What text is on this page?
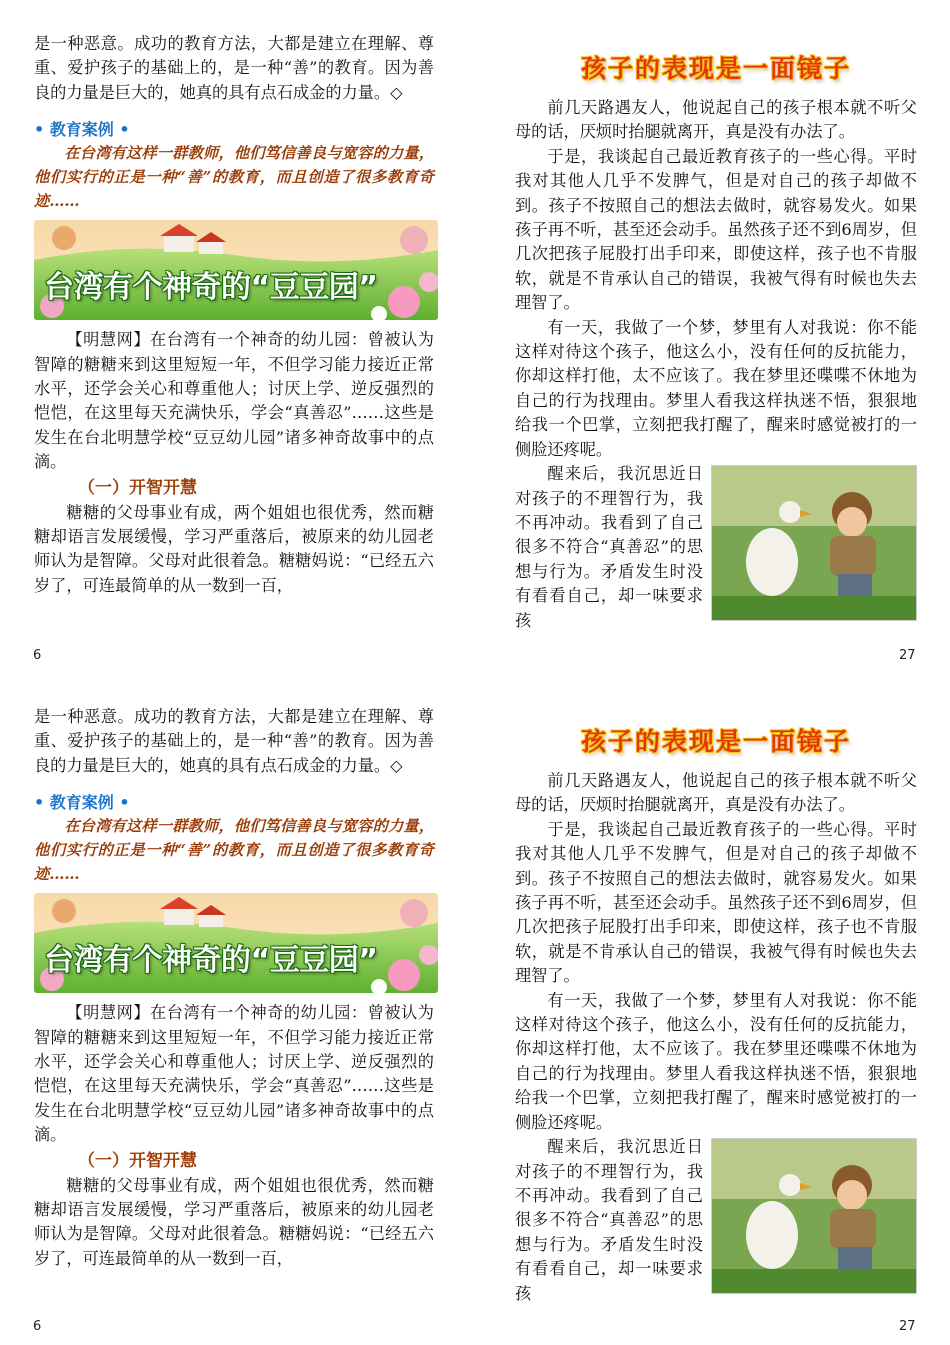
是一种恶意。成功的教育方法，大都是建立在理解、尊重、爱护孩子的基础上的，是一种“善”的教育。因为善良的力量是巨大的，她真的具有点石成金的力量。◇

• 教育案例 •
在台湾有这样一群教师，他们笃信善良与宽容的力量，他们实行的正是一种“善”的教育，而且创造了很多教育奇迹……
台湾有个神奇的“豆豆园”

【明慧网】在台湾有一个神奇的幼儿园：曾被认为智障的糖糖来到这里短短一年，不但学习能力接近正常水平，还学会关心和尊重他人；讨厌上学、逆反强烈的恺恺，在这里每天充满快乐，学会“真善忍”……这些是发生在台北明慧学校“豆豆幼儿园”诸多神奇故事中的点滴。

（一）开智开慧

糖糖的父母事业有成，两个姐姐也很优秀，然而糖糖却语言发展缓慢，学习严重落后，被原来的幼儿园老师认为是智障。父母对此很着急。糖糖妈说：“已经五六岁了，可连最简单的从一数到一百，

孩子的表现是一面镜子

前几天路遇友人，他说起自己的孩子根本就不听父母的话，厌烦时抬腿就离开，真是没有办法了。

于是，我谈起自己最近教育孩子的一些心得。平时我对其他人几乎不发脾气，但是对自己的孩子却做不到。孩子不按照自己的想法去做时，就容易发火。如果孩子再不听，甚至还会动手。虽然孩子还不到6周岁，但几次把孩子屁股打出手印来，即使这样，孩子也不肯服软，就是不肯承认自己的错误，我被气得有时候也失去理智了。

有一天，我做了一个梦，梦里有人对我说：你不能这样对待这个孩子，他这么小，没有任何的反抗能力，你却这样打他，太不应该了。我在梦里还喋喋不休地为自己的行为找理由。梦里人看我这样执迷不悟，狠狠地给我一个巴掌，立刻把我打醒了，醒来时感觉被打的一侧脸还疼呢。

醒来后，我沉思近日对孩子的不理智行为，我不再冲动。我看到了自己很多不符合“真善忍”的思想与行为。矛盾发生时没有看看自己，却一味要求孩

6	27

是一种恶意。成功的教育方法，大都是建立在理解、尊重、爱护孩子的基础上的，是一种“善”的教育。因为善良的力量是巨大的，她真的具有点石成金的力量。◇

• 教育案例 •
在台湾有这样一群教师，他们笃信善良与宽容的力量，他们实行的正是一种“善”的教育，而且创造了很多教育奇迹……
台湾有个神奇的“豆豆园”

【明慧网】在台湾有一个神奇的幼儿园：曾被认为智障的糖糖来到这里短短一年，不但学习能力接近正常水平，还学会关心和尊重他人；讨厌上学、逆反强烈的恺恺，在这里每天充满快乐，学会“真善忍”……这些是发生在台北明慧学校“豆豆幼儿园”诸多神奇故事中的点滴。

（一）开智开慧

糖糖的父母事业有成，两个姐姐也很优秀，然而糖糖却语言发展缓慢，学习严重落后，被原来的幼儿园老师认为是智障。父母对此很着急。糖糖妈说：“已经五六岁了，可连最简单的从一数到一百，

孩子的表现是一面镜子

前几天路遇友人，他说起自己的孩子根本就不听父母的话，厌烦时抬腿就离开，真是没有办法了。

于是，我谈起自己最近教育孩子的一些心得。平时我对其他人几乎不发脾气，但是对自己的孩子却做不到。孩子不按照自己的想法去做时，就容易发火。如果孩子再不听，甚至还会动手。虽然孩子还不到6周岁，但几次把孩子屁股打出手印来，即使这样，孩子也不肯服软，就是不肯承认自己的错误，我被气得有时候也失去理智了。

有一天，我做了一个梦，梦里有人对我说：你不能这样对待这个孩子，他这么小，没有任何的反抗能力，你却这样打他，太不应该了。我在梦里还喋喋不休地为自己的行为找理由。梦里人看我这样执迷不悟，狠狠地给我一个巴掌，立刻把我打醒了，醒来时感觉被打的一侧脸还疼呢。

醒来后，我沉思近日对孩子的不理智行为，我不再冲动。我看到了自己很多不符合“真善忍”的思想与行为。矛盾发生时没有看看自己，却一味要求孩

6	27
